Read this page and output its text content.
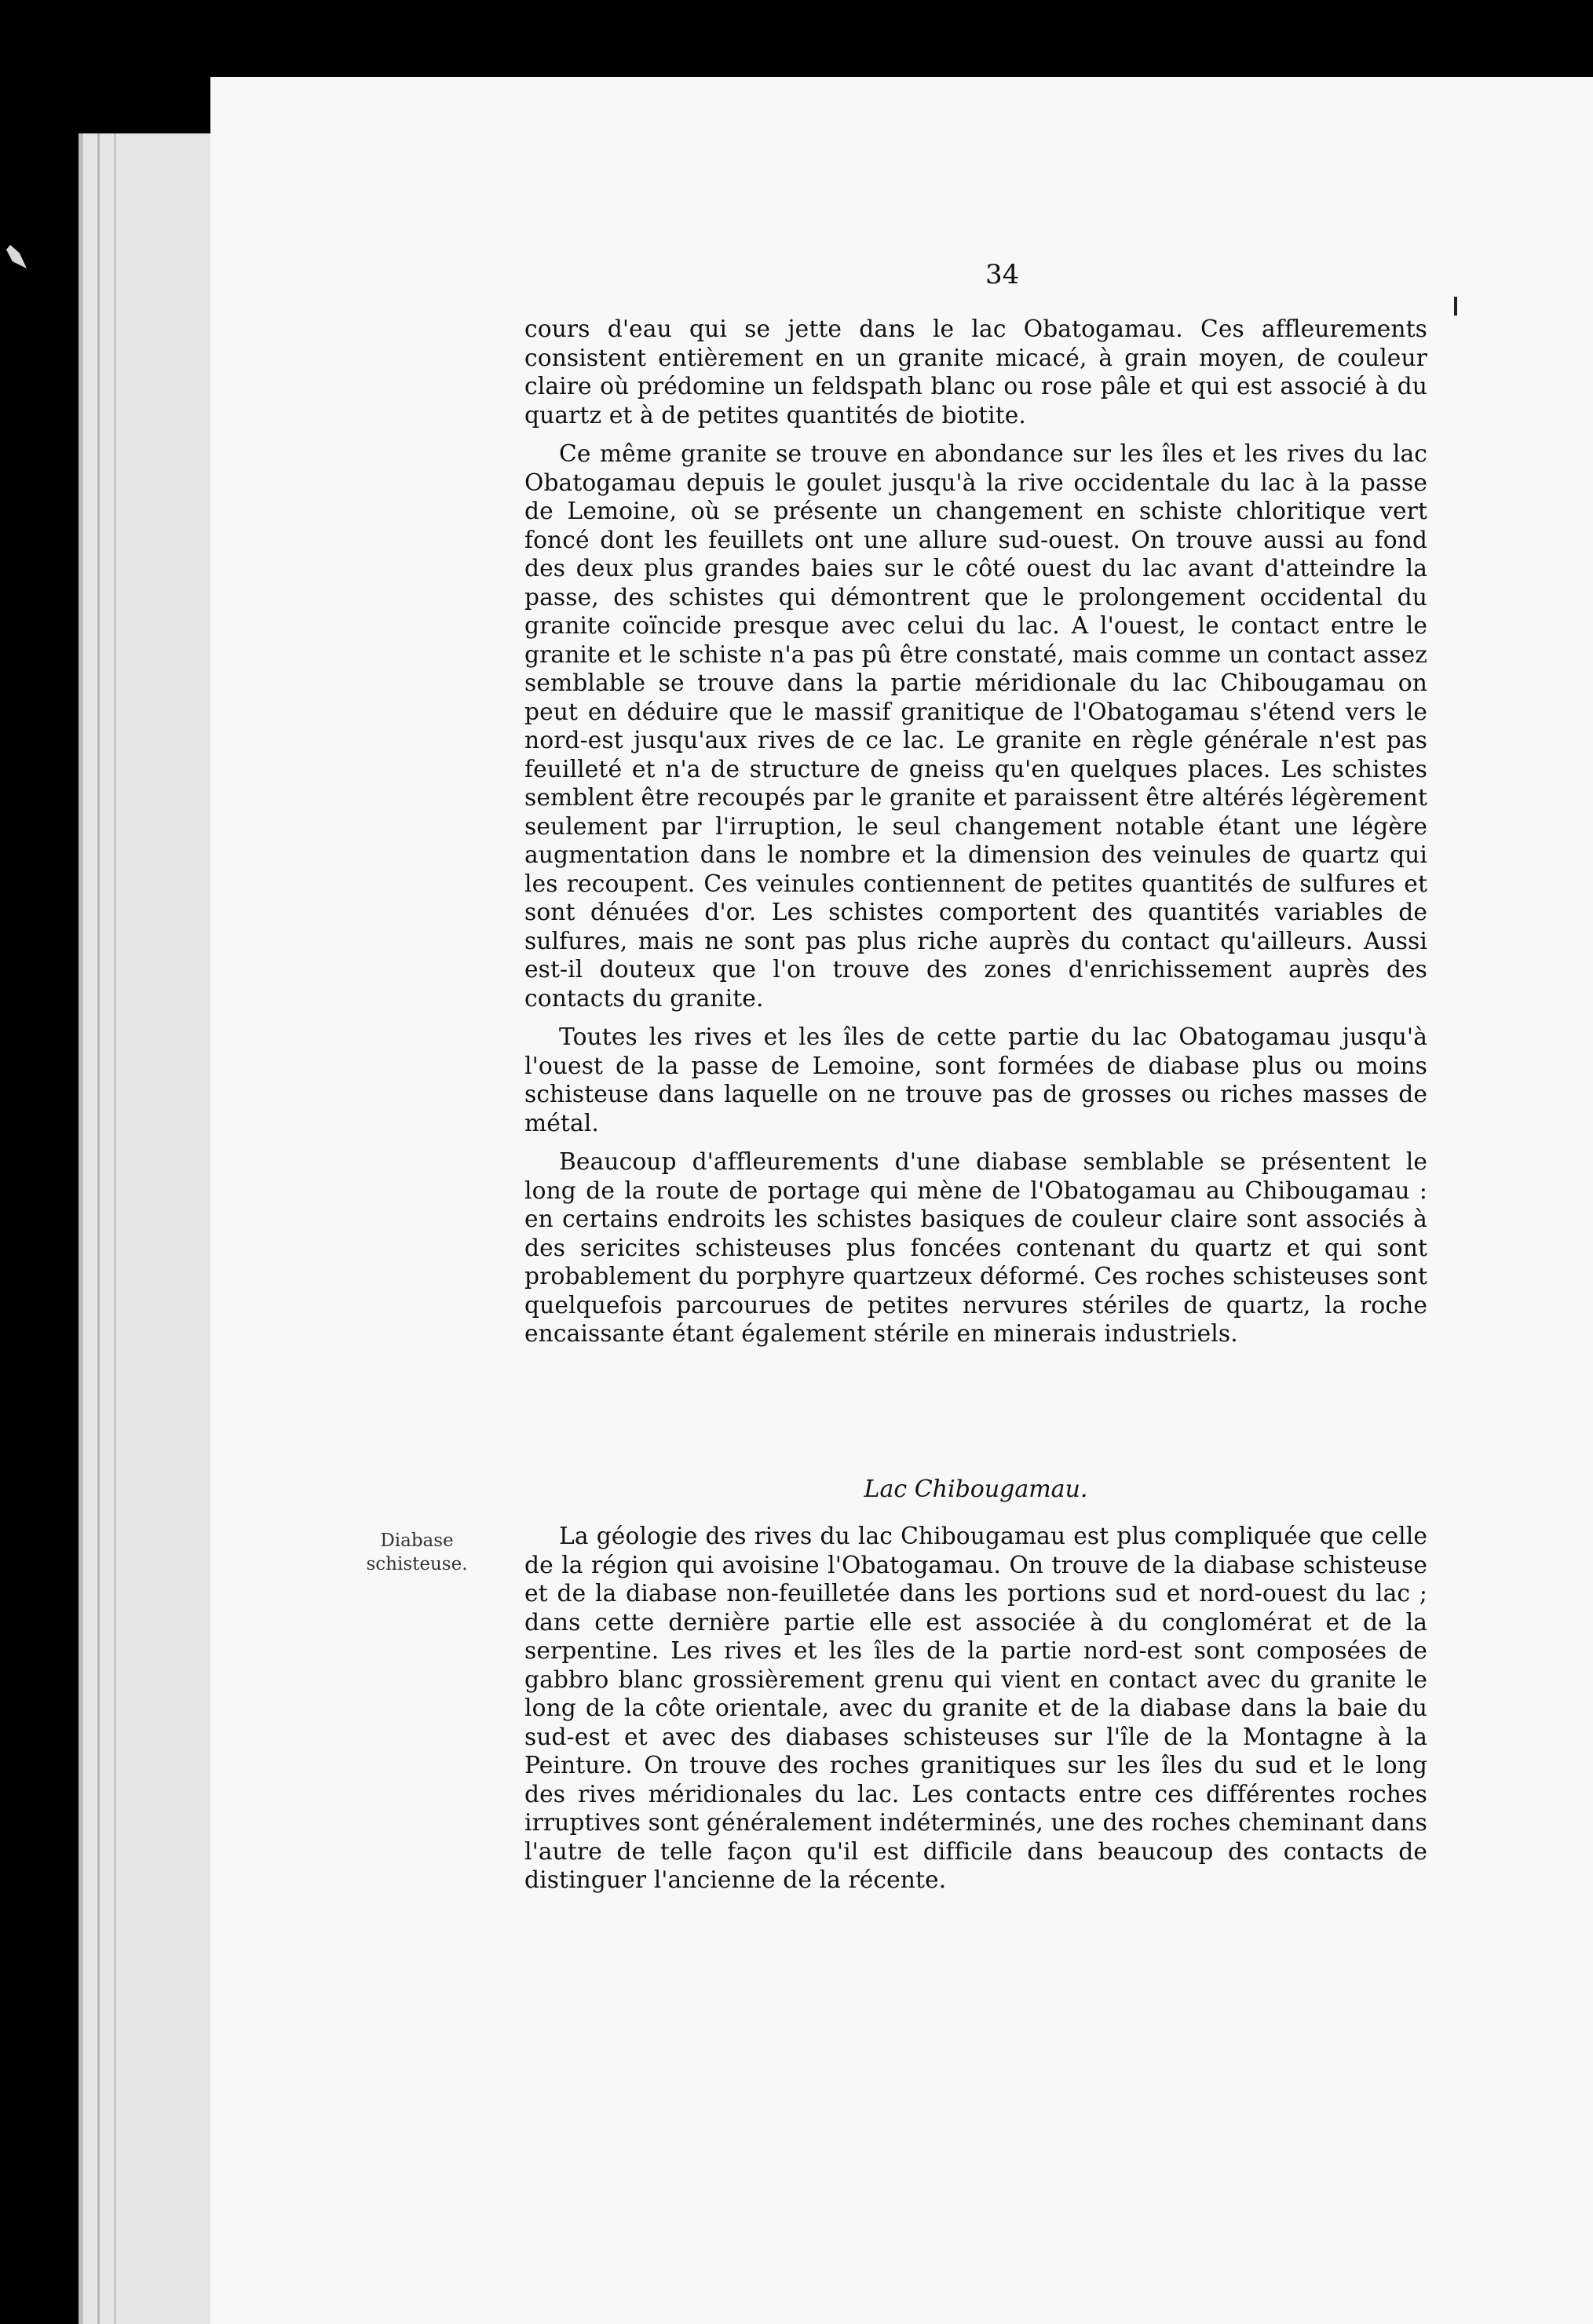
34

cours d'eau qui se jette dans le lac Obatogamau. Ces affleurements consistent entièrement en un granite micacé, à grain moyen, de couleur claire où prédomine un feldspath blanc ou rose pâle et qui est associé à du quartz et à de petites quantités de biotite.

Ce même granite se trouve en abondance sur les îles et les rives du lac Obatogamau depuis le goulet jusqu'à la rive occidentale du lac à la passe de Lemoine, où se présente un changement en schiste chloritique vert foncé dont les feuillets ont une allure sud-ouest. On trouve aussi au fond des deux plus grandes baies sur le côté ouest du lac avant d'atteindre la passe, des schistes qui démontrent que le prolongement occidental du granite coïncide presque avec celui du lac. A l'ouest, le contact entre le granite et le schiste n'a pas pû être constaté, mais comme un contact assez semblable se trouve dans la partie méridionale du lac Chibougamau on peut en déduire que le massif granitique de l'Obatogamau s'étend vers le nord-est jusqu'aux rives de ce lac. Le granite en règle générale n'est pas feuilleté et n'a de structure de gneiss qu'en quelques places. Les schistes semblent être recoupés par le granite et paraissent être altérés légèrement seulement par l'irruption, le seul changement notable étant une légère augmentation dans le nombre et la dimension des veinules de quartz qui les recoupent. Ces veinules contiennent de petites quantités de sulfures et sont dénuées d'or. Les schistes comportent des quantités variables de sulfures, mais ne sont pas plus riche auprès du contact qu'ailleurs. Aussi est-il douteux que l'on trouve des zones d'enrichissement auprès des contacts du granite.

Toutes les rives et les îles de cette partie du lac Obatogamau jusqu'à l'ouest de la passe de Lemoine, sont formées de diabase plus ou moins schisteuse dans laquelle on ne trouve pas de grosses ou riches masses de métal.

Beaucoup d'affleurements d'une diabase semblable se présentent le long de la route de portage qui mène de l'Obatogamau au Chibougamau : en certains endroits les schistes basiques de couleur claire sont associés à des sericites schisteuses plus foncées contenant du quartz et qui sont probablement du porphyre quartzeux déformé. Ces roches schisteuses sont quelquefois parcourues de petites nervures stériles de quartz, la roche encaissante étant également stérile en minerais industriels.

Lac Chibougamau.
Diabase schisteuse.

La géologie des rives du lac Chibougamau est plus compliquée que celle de la région qui avoisine l'Obatogamau. On trouve de la diabase schisteuse et de la diabase non-feuilletée dans les portions sud et nord-ouest du lac ; dans cette dernière partie elle est associée à du conglomérat et de la serpentine. Les rives et les îles de la partie nord-est sont composées de gabbro blanc grossièrement grenu qui vient en contact avec du granite le long de la côte orientale, avec du granite et de la diabase dans la baie du sud-est et avec des diabases schisteuses sur l'île de la Montagne à la Peinture. On trouve des roches granitiques sur les îles du sud et le long des rives méridionales du lac. Les contacts entre ces différentes roches irruptives sont généralement indéterminés, une des roches cheminant dans l'autre de telle façon qu'il est difficile dans beaucoup des contacts de distinguer l'ancienne de la récente.
